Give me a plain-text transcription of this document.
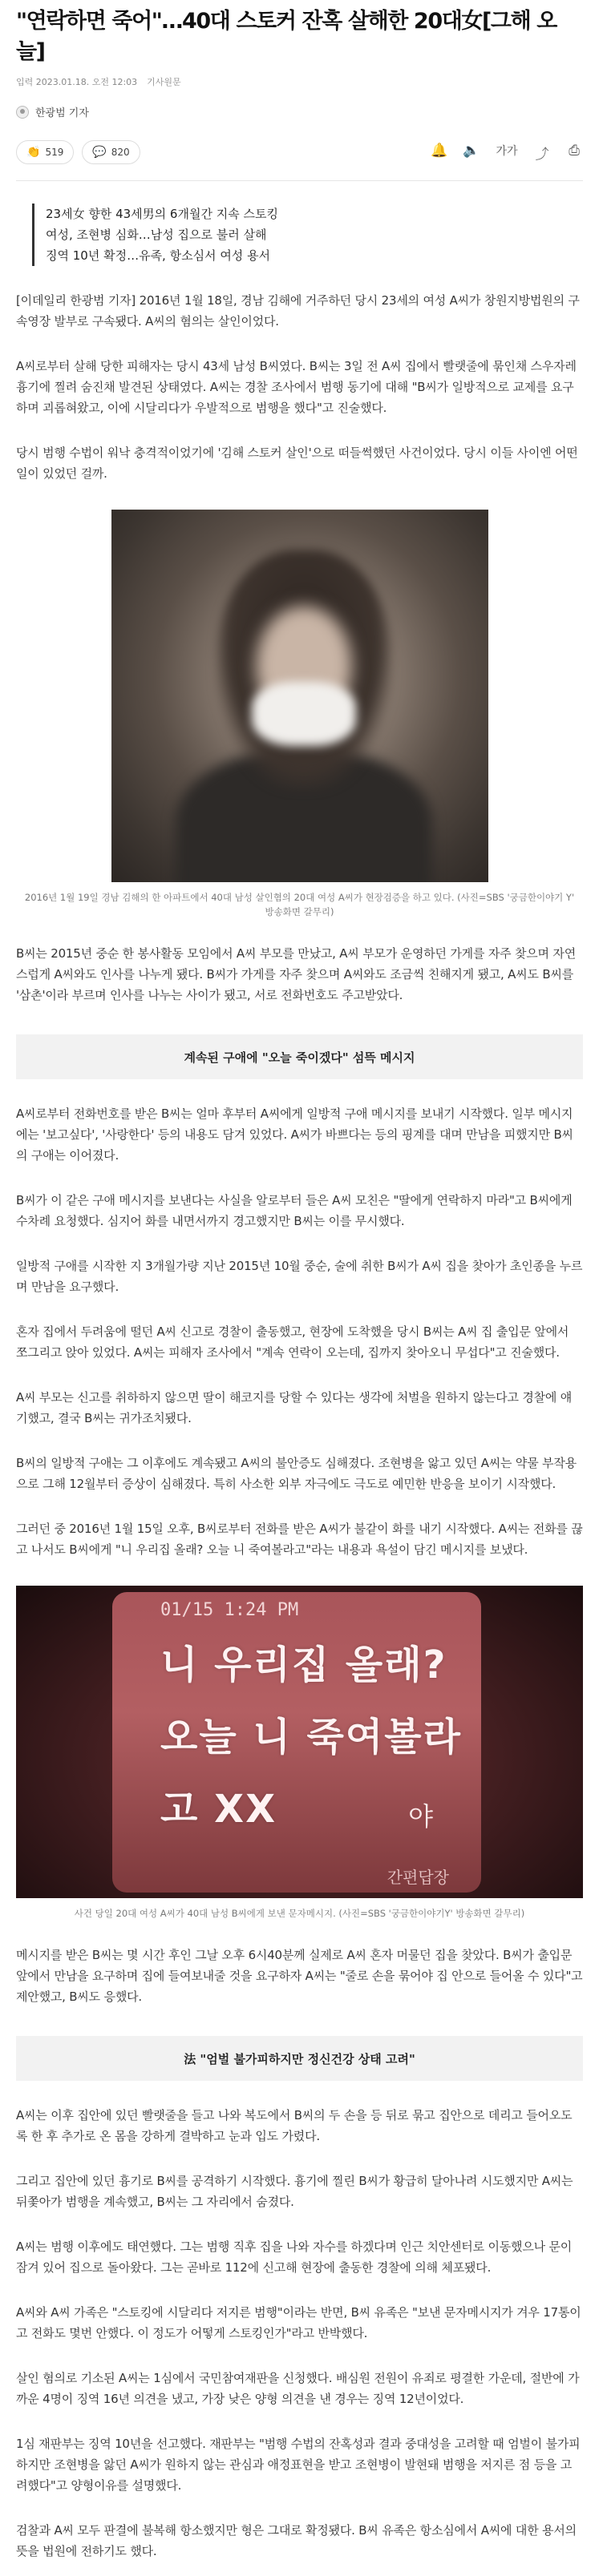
"연락하면 죽어"…40대 스토커 잔혹 살해한 20대女[그해 오늘]
입력 2023.01.18. 오전 12:03 기사원문
한광범 기자
👏 519	💬 820	🔔 🔈 가가 ⤴ ⎙

23세女 향한 43세男의 6개월간 지속 스토킹

여성, 조현병 심화…남성 집으로 불러 살해

징역 10년 확정…유족, 항소심서 여성 용서

[이데일리 한광범 기자] 2016년 1월 18일, 경남 김해에 거주하던 당시 23세의 여성 A씨가 창원지방법원의 구속영장 발부로 구속됐다. A씨의 혐의는 살인이었다.

A씨로부터 살해 당한 피해자는 당시 43세 남성 B씨였다. B씨는 3일 전 A씨 집에서 빨랫줄에 묶인채 스우자레 흉기에 찔려 숨진채 발견된 상태였다. A씨는 경찰 조사에서 범행 동기에 대해 "B씨가 일방적으로 교제를 요구하며 괴롭혀왔고, 이에 시달리다가 우발적으로 범행을 했다"고 진술했다.

당시 범행 수법이 워낙 충격적이었기에 '김해 스토커 살인'으로 떠들썩했던 사건이었다. 당시 이들 사이엔 어떤 일이 있었던 걸까.

2016년 1월 19일 경남 김해의 한 아파트에서 40대 남성 살인혐의 20대 여성 A씨가 현장검증을 하고 있다. (사진=SBS '궁금한이야기 Y' 방송화면 갈무리)

B씨는 2015년 중순 한 봉사활동 모임에서 A씨 부모를 만났고, A씨 부모가 운영하던 가게를 자주 찾으며 자연스럽게 A씨와도 인사를 나누게 됐다. B씨가 가게를 자주 찾으며 A씨와도 조금씩 친해지게 됐고, A씨도 B씨를 '삼촌'이라 부르며 인사를 나누는 사이가 됐고, 서로 전화번호도 주고받았다.

계속된 구애에 "오늘 죽이겠다" 섬뜩 메시지

A씨로부터 전화번호를 받은 B씨는 얼마 후부터 A씨에게 일방적 구애 메시지를 보내기 시작했다. 일부 메시지에는 '보고싶다', '사랑한다' 등의 내용도 담겨 있었다. A씨가 바쁘다는 등의 핑계를 대며 만남을 피했지만 B씨의 구애는 이어졌다.

B씨가 이 같은 구애 메시지를 보낸다는 사실을 알로부터 들은 A씨 모친은 "딸에게 연락하지 마라"고 B씨에게 수차례 요청했다. 심지어 화를 내면서까지 경고했지만 B씨는 이를 무시했다.

일방적 구애를 시작한 지 3개월가량 지난 2015년 10월 중순, 술에 취한 B씨가 A씨 집을 찾아가 초인종을 누르며 만남을 요구했다.

혼자 집에서 두려움에 떨던 A씨 신고로 경찰이 출동했고, 현장에 도착했을 당시 B씨는 A씨 집 출입문 앞에서 쪼그리고 앉아 있었다. A씨는 피해자 조사에서 "계속 연락이 오는데, 집까지 찾아오니 무섭다"고 진술했다.

A씨 부모는 신고를 취하하지 않으면 딸이 해코지를 당할 수 있다는 생각에 처벌을 원하지 않는다고 경찰에 얘기했고, 결국 B씨는 귀가조치됐다.

B씨의 일방적 구애는 그 이후에도 계속됐고 A씨의 불안증도 심해졌다. 조현병을 앓고 있던 A씨는 약물 부작용으로 그해 12월부터 증상이 심해졌다. 특히 사소한 외부 자극에도 극도로 예민한 반응을 보이기 시작했다.

그러던 중 2016년 1월 15일 오후, B씨로부터 전화를 받은 A씨가 불같이 화를 내기 시작했다. A씨는 전화를 끊고 나서도 B씨에게 "니 우리집 올래? 오늘 니 죽여볼라고"라는 내용과 욕설이 담긴 메시지를 보냈다.

01/15 1:24 PM
니 우리집 올래?
오늘 니 죽여볼라
고 XX	야
간편답장

사건 당일 20대 여성 A씨가 40대 남성 B씨에게 보낸 문자메시지. (사진=SBS '궁금한이야기Y' 방송화면 갈무리)

메시지를 받은 B씨는 몇 시간 후인 그날 오후 6시40분께 실제로 A씨 혼자 머물던 집을 찾았다. B씨가 출입문 앞에서 만남을 요구하며 집에 들여보내줄 것을 요구하자 A씨는 "줄로 손을 묶어야 집 안으로 들어올 수 있다"고 제안했고, B씨도 응했다.

法 "엄벌 불가피하지만 정신건강 상태 고려"

A씨는 이후 집안에 있던 빨랫줄을 들고 나와 복도에서 B씨의 두 손을 등 뒤로 묶고 집안으로 데리고 들어오도록 한 후 추가로 온 몸을 강하게 결박하고 눈과 입도 가렸다.

그리고 집안에 있던 흉기로 B씨를 공격하기 시작했다. 흉기에 찔린 B씨가 황급히 달아나려 시도했지만 A씨는 뒤쫓아가 범행을 계속했고, B씨는 그 자리에서 숨졌다.

A씨는 범행 이후에도 태연했다. 그는 범행 직후 집을 나와 자수를 하겠다며 인근 치안센터로 이동했으나 문이 잠겨 있어 집으로 돌아왔다. 그는 곧바로 112에 신고해 현장에 출동한 경찰에 의해 체포됐다.

A씨와 A씨 가족은 "스토킹에 시달리다 저지른 범행"이라는 반면, B씨 유족은 "보낸 문자메시지가 겨우 17통이고 전화도 몇번 안했다. 이 정도가 어떻게 스토킹인가"라고 반박했다.

살인 혐의로 기소된 A씨는 1심에서 국민참여재판을 신청했다. 배심원 전원이 유죄로 평결한 가운데, 절반에 가까운 4명이 징역 16년 의견을 냈고, 가장 낮은 양형 의견을 낸 경우는 징역 12년이었다.

1심 재판부는 징역 10년을 선고했다. 재판부는 "범행 수법의 잔혹성과 결과 중대성을 고려할 때 엄벌이 불가피하지만 조현병을 앓던 A씨가 원하지 않는 관심과 애정표현을 받고 조현병이 발현돼 범행을 저지른 점 등을 고려했다"고 양형이유를 설명했다.

검찰과 A씨 모두 판결에 불복해 항소했지만 형은 그대로 확정됐다. B씨 유족은 항소심에서 A씨에 대한 용서의 뜻을 법원에 전하기도 했다.
